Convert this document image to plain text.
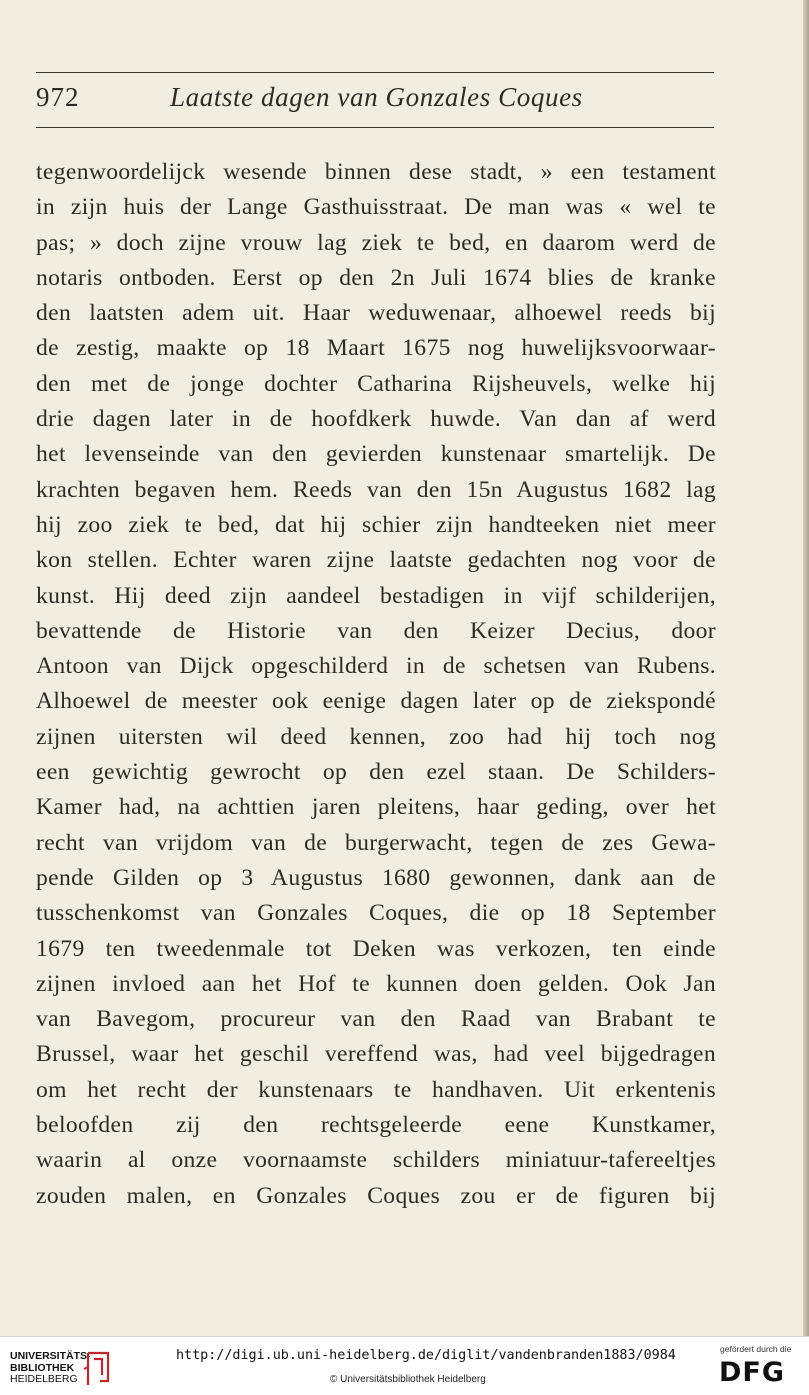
972	Laatste dagen van Gonzales Coques
tegenwoordelijck wesende binnen dese stadt, » een testament
in zijn huis der Lange Gasthuisstraat. De man was « wel te
pas; » doch zijne vrouw lag ziek te bed, en daarom werd de
notaris ontboden. Eerst op den 2n Juli 1674 blies de kranke
den laatsten adem uit. Haar weduwenaar, alhoewel reeds bij
de zestig, maakte op 18 Maart 1675 nog huwelijksvoorwaar-
den met de jonge dochter Catharina Rijsheuvels, welke hij
drie dagen later in de hoofdkerk huwde. Van dan af werd
het levenseinde van den gevierden kunstenaar smartelijk. De
krachten begaven hem. Reeds van den 15n Augustus 1682 lag
hij zoo ziek te bed, dat hij schier zijn handteeken niet meer
kon stellen. Echter waren zijne laatste gedachten nog voor de
kunst. Hij deed zijn aandeel bestadigen in vijf schilderijen,
bevattende de Historie van den Keizer Decius, door
Antoon van Dijck opgeschilderd in de schetsen van Rubens.
Alhoewel de meester ook eenige dagen later op de ziekspondé
zijnen uitersten wil deed kennen, zoo had hij toch nog
een gewichtig gewrocht op den ezel staan. De Schilders-
Kamer had, na achttien jaren pleitens, haar geding, over het
recht van vrijdom van de burgerwacht, tegen de zes Gewa-
pende Gilden op 3 Augustus 1680 gewonnen, dank aan de
tusschenkomst van Gonzales Coques, die op 18 September
1679 ten tweedenmale tot Deken was verkozen, ten einde
zijnen invloed aan het Hof te kunnen doen gelden. Ook Jan
van Bavegom, procureur van den Raad van Brabant te
Brussel, waar het geschil vereffend was, had veel bijgedragen
om het recht der kunstenaars te handhaven. Uit erkentenis
beloofden zij den rechtsgeleerde eene Kunstkamer,
waarin al onze voornaamste schilders miniatuur-tafereeltjes
zouden malen, en Gonzales Coques zou er de figuren bij
UNIVERSITÄTS-
BIBLIOTHEK
HEIDELBERG
http://digi.ub.uni-heidelberg.de/diglit/vandenbranden1883/0984
© Universitätsbibliothek Heidelberg
gefördert durch die
DFG
